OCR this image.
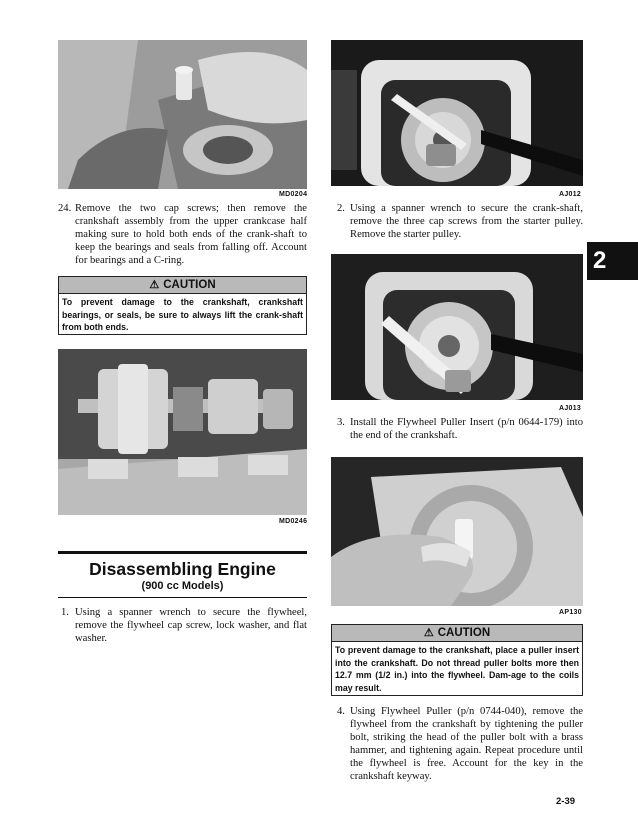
MD0204
24. Remove the two cap screws; then remove the crankshaft assembly from the upper crankcase half making sure to hold both ends of the crank-shaft to keep the bearings and seals from falling off. Account for bearings and a C-ring.
⚠ CAUTION
To prevent damage to the crankshaft, crankshaft bearings, or seals, be sure to always lift the crank-shaft from both ends.
MD0246
Disassembling Engine
(900 cc Models)
1. Using a spanner wrench to secure the flywheel, remove the flywheel cap screw, lock washer, and flat washer.
AJ012
2. Using a spanner wrench to secure the crank-shaft, remove the three cap screws from the starter pulley. Remove the starter pulley.
AJ013
3. Install the Flywheel Puller Insert (p/n 0644-179) into the end of the crankshaft.
AP130
⚠ CAUTION
To prevent damage to the crankshaft, place a puller insert into the crankshaft. Do not thread puller bolts more then 12.7 mm (1/2 in.) into the flywheel. Dam-age to the coils may result.
4. Using Flywheel Puller (p/n 0744-040), remove the flywheel from the crankshaft by tightening the puller bolt, striking the head of the puller bolt with a brass hammer, and tightening again. Repeat procedure until the flywheel is free. Account for the key in the crankshaft keyway.
2
2-39
